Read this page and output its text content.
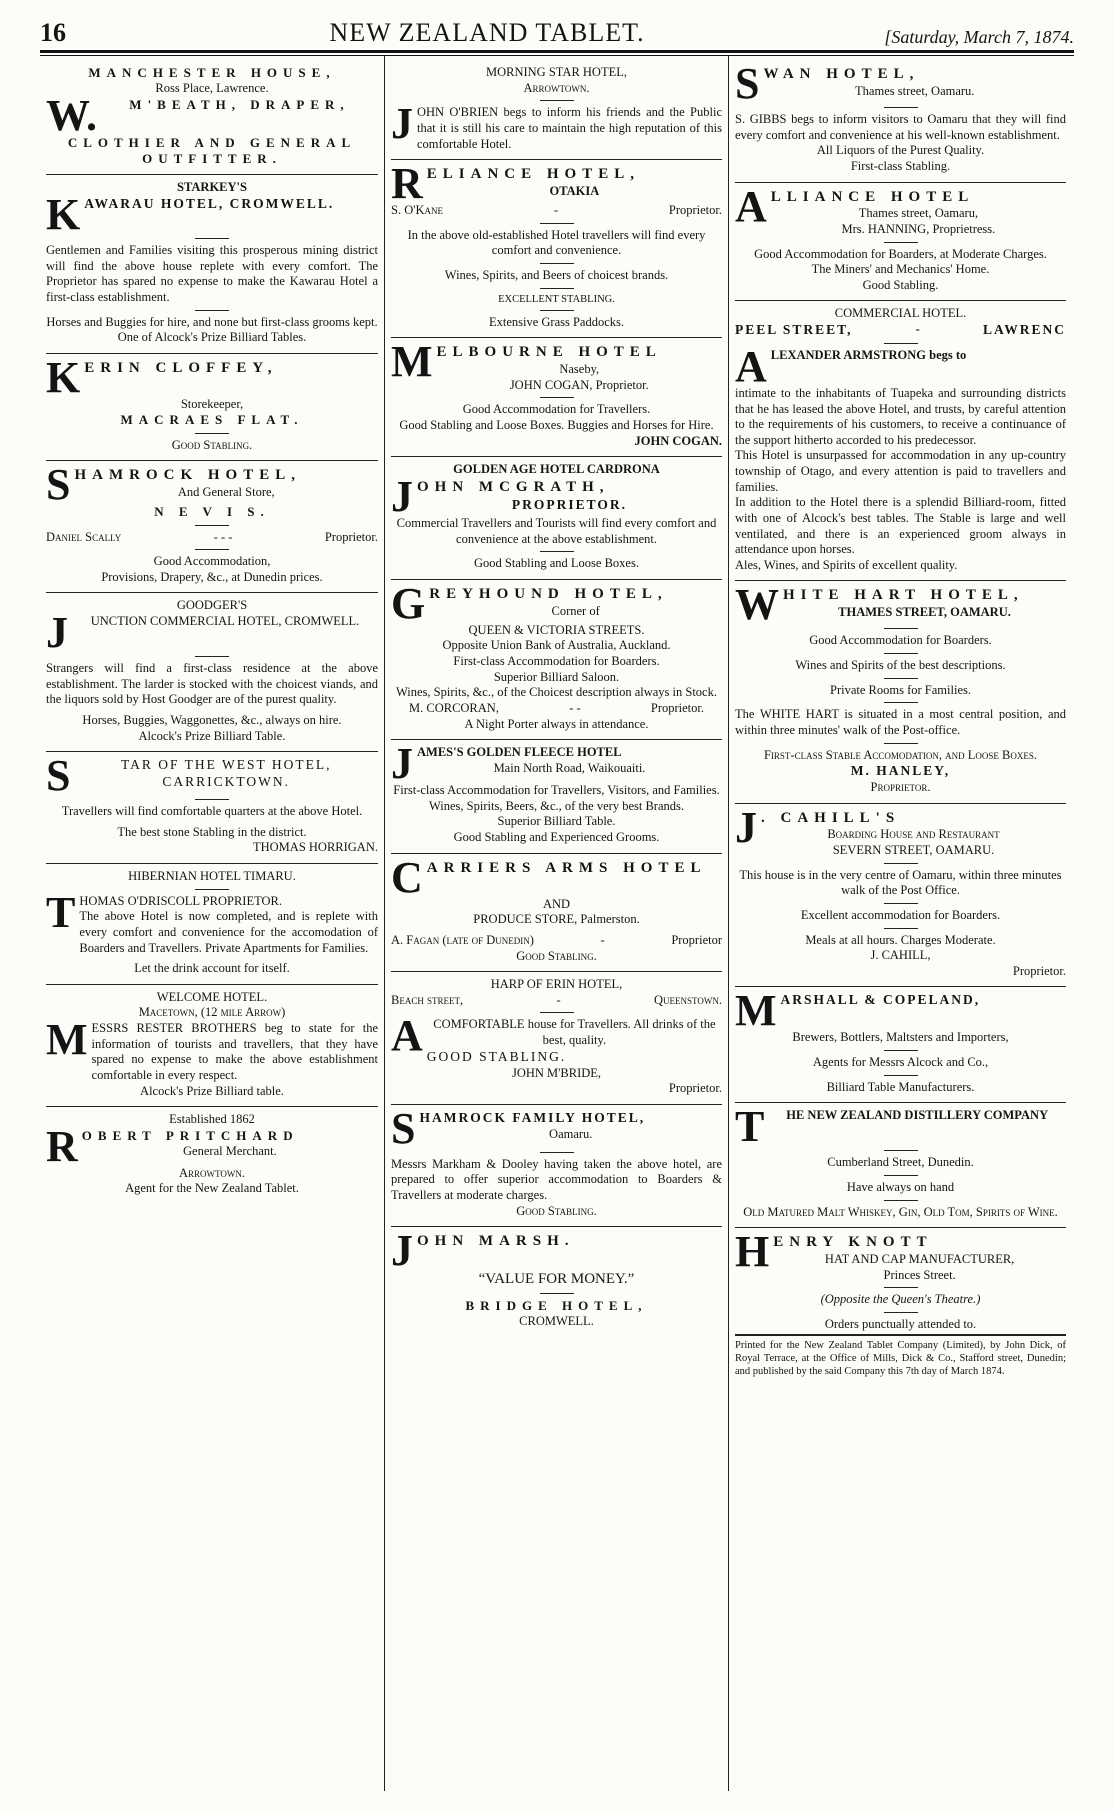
16	NEW ZEALAND TABLET.	[Saturday, March 7, 1874.
MANCHESTER HOUSE,
Ross Place, Lawrence.
W.	M'BEATH, DRAPER,
CLOTHIER AND GENERAL
OUTFITTER.
STARKEY'S
K AWARAU HOTEL, CROMWELL.
Gentlemen and Families visiting this prosperous mining district will find the above house replete with every comfort. The Proprietor has spared no expense to make the Kawarau Hotel a first-class establishment.
Horses and Buggies for hire, and none but first-class grooms kept.
One of Alcock's Prize Billiard Tables.
K ERIN CLOFFEY,
Storekeeper,
MACRAES FLAT.
Good Stabling.
S HAMROCK HOTEL,
And General Store,
N E V I S.
Daniel Scally	- - -	Proprietor.
Good Accommodation,
Provisions, Drapery, &c., at Dunedin prices.
GOODGER'S
J	UNCTION COMMERCIAL HOTEL, CROMWELL.
Strangers will find a first-class residence at the above establishment. The larder is stocked with the choicest viands, and the liquors sold by Host Goodger are of the purest quality.
Horses, Buggies, Waggonettes, &c., always on hire.
Alcock's Prize Billiard Table.
S	TAR OF THE WEST HOTEL, CARRICKTOWN.
Travellers will find comfortable quarters at the above Hotel.
The best stone Stabling in the district.
THOMAS HORRIGAN.
HIBERNIAN HOTEL TIMARU.
T HOMAS O'DRISCOLL PROPRIETOR.
The above Hotel is now completed, and is replete with every comfort and convenience for the accomodation of Boarders and Travellers. Private Apartments for Families.
Let the drink account for itself.
WELCOME HOTEL.
Macetown, (12 mile Arrow)
M ESSRS RESTER BROTHERS beg to state for the information of tourists and travellers, that they have spared no expense to make the above establishment comfortable in every respect.
Alcock's Prize Billiard table.
Established 1862
R OBERT PRITCHARD
General Merchant.
Arrowtown.
Agent for the New Zealand Tablet.
MORNING STAR HOTEL,
Arrowtown.
J OHN O'BRIEN begs to inform his friends and the Public that it is still his care to maintain the high reputation of this comfortable Hotel.
R ELIANCE HOTEL,
OTAKIA
S. O'Kane	-	Proprietor.
In the above old-established Hotel travellers will find every comfort and convenience.
Wines, Spirits, and Beers of choicest brands.
EXCELLENT STABLING.
Extensive Grass Paddocks.
M ELBOURNE HOTEL
Naseby,
JOHN COGAN, Proprietor.
Good Accommodation for Travellers.
Good Stabling and Loose Boxes. Buggies and Horses for Hire.
JOHN COGAN.
GOLDEN AGE HOTEL CARDRONA
J OHN MCGRATH,
PROPRIETOR.
Commercial Travellers and Tourists will find every comfort and convenience at the above establishment.
Good Stabling and Loose Boxes.
G REYHOUND HOTEL,
Corner of
QUEEN & VICTORIA STREETS.
Opposite Union Bank of Australia, Auckland.
First-class Accommodation for Boarders.
Superior Billiard Saloon.
Wines, Spirits, &c., of the Choicest description always in Stock.
M. CORCORAN,	- -	Proprietor.
A Night Porter always in attendance.
J AMES'S GOLDEN FLEECE HOTEL
Main North Road, Waikouaiti.
First-class Accommodation for Travellers, Visitors, and Families.
Wines, Spirits, Beers, &c., of the very best Brands.
Superior Billiard Table.
Good Stabling and Experienced Grooms.
C ARRIERS ARMS HOTEL
AND
PRODUCE STORE, Palmerston.
A. Fagan (late of Dunedin)	-	Proprietor
Good Stabling.
HARP OF ERIN HOTEL,
Beach street,	-	Queenstown.
A COMFORTABLE house for Travellers. All drinks of the best, quality.
GOOD STABLING.
JOHN M'BRIDE,
Proprietor.
S HAMROCK FAMILY HOTEL,
Oamaru.
Messrs Markham & Dooley having taken the above hotel, are prepared to offer superior accommodation to Boarders & Travellers at moderate charges.
Good Stabling.
J OHN MARSH.
“VALUE FOR MONEY.”
BRIDGE HOTEL,
CROMWELL.
S WAN HOTEL,
Thames street, Oamaru.
S. GIBBS begs to inform visitors to Oamaru that they will find every comfort and convenience at his well-known establishment.
All Liquors of the Purest Quality.
First-class Stabling.
A LLIANCE HOTEL
Thames street, Oamaru,
Mrs. HANNING, Proprietress.
Good Accommodation for Boarders, at Moderate Charges.
The Miners' and Mechanics' Home.
Good Stabling.
COMMERCIAL HOTEL.
PEEL STREET,	-	LAWRENC
A LEXANDER ARMSTRONG begs to
intimate to the inhabitants of Tuapeka and surrounding districts that he has leased the above Hotel, and trusts, by careful attention to the requirements of his customers, to receive a continuance of the support hitherto accorded to his predecessor.
This Hotel is unsurpassed for accommodation in any up-country township of Otago, and every attention is paid to travellers and families.
In addition to the Hotel there is a splendid Billiard-room, fitted with one of Alcock's best tables. The Stable is large and well ventilated, and there is an experienced groom always in attendance upon horses.
Ales, Wines, and Spirits of excellent quality.
W HITE HART HOTEL,
THAMES STREET, OAMARU.
Good Accommodation for Boarders.
Wines and Spirits of the best descriptions.
Private Rooms for Families.
The WHITE HART is situated in a most central position, and within three minutes' walk of the Post-office.
First-class Stable Accomodation, and Loose Boxes.
M. HANLEY,
Proprietor.
J . CAHILL'S
Boarding House and Restaurant
SEVERN STREET, OAMARU.
This house is in the very centre of Oamaru, within three minutes walk of the Post Office.
Excellent accommodation for Boarders.
Meals at all hours. Charges Moderate.
J. CAHILL,
Proprietor.
M ARSHALL & COPELAND,
Brewers, Bottlers, Maltsters and Importers,
Agents for Messrs Alcock and Co.,
Billiard Table Manufacturers.
T	HE NEW ZEALAND DISTILLERY COMPANY
Cumberland Street, Dunedin.
Have always on hand
Old Matured Malt Whiskey, Gin, Old Tom, Spirits of Wine.
H ENRY KNOTT
HAT AND CAP MANUFACTURER,
Princes Street.
(Opposite the Queen's Theatre.)
Orders punctually attended to.
Printed for the New Zealand Tablet Company (Limited), by John Dick, of Royal Terrace, at the Office of Mills, Dick & Co., Stafford street, Dunedin; and published by the said Company this 7th day of March 1874.
